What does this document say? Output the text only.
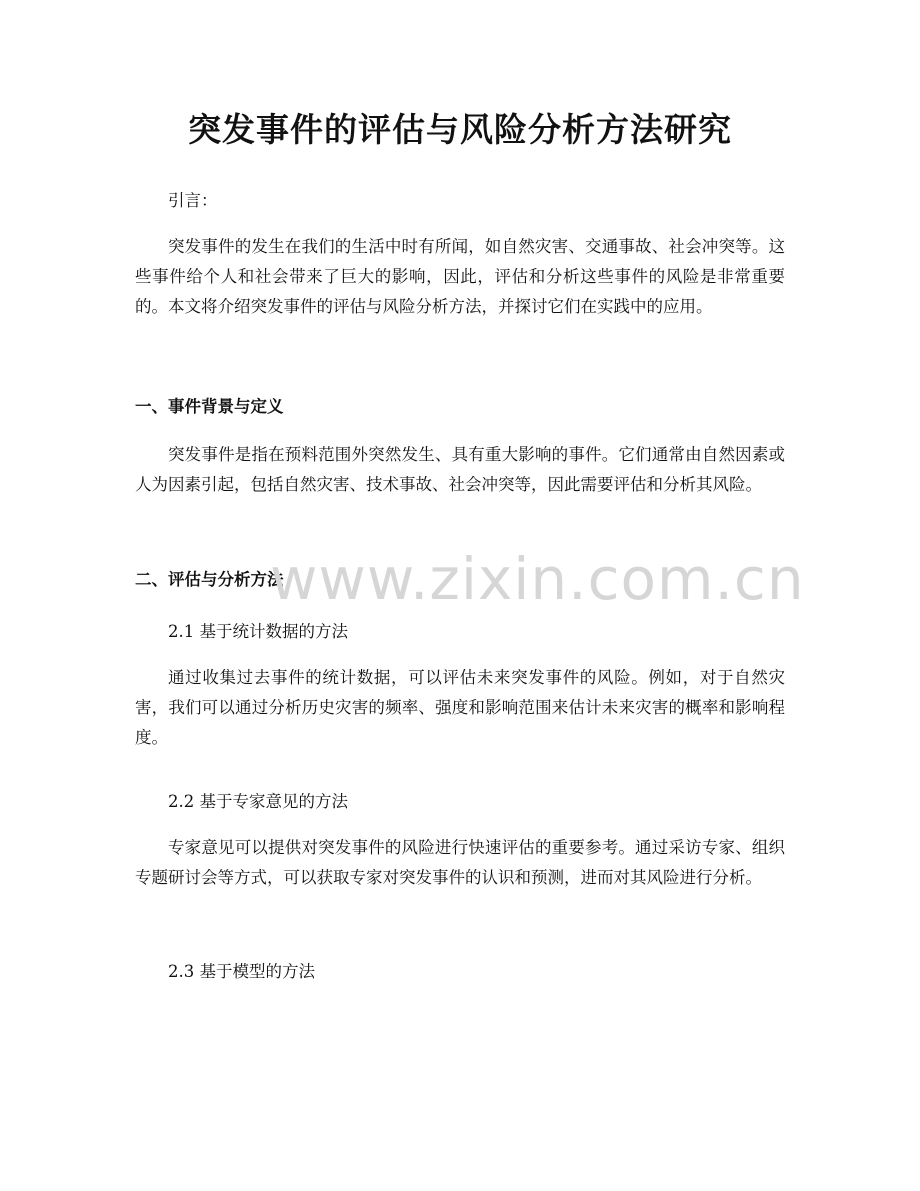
突发事件的评估与风险分析方法研究

引言：

突发事件的发生在我们的生活中时有所闻，如自然灾害、交通事故、社会冲突等。这些事件给个人和社会带来了巨大的影响，因此，评估和分析这些事件的风险是非常重要的。本文将介绍突发事件的评估与风险分析方法，并探讨它们在实践中的应用。

一、事件背景与定义

突发事件是指在预料范围外突然发生、具有重大影响的事件。它们通常由自然因素或人为因素引起，包括自然灾害、技术事故、社会冲突等，因此需要评估和分析其风险。

二、评估与分析方法

2.1 基于统计数据的方法

通过收集过去事件的统计数据，可以评估未来突发事件的风险。例如，对于自然灾害，我们可以通过分析历史灾害的频率、强度和影响范围来估计未来灾害的概率和影响程度。

2.2 基于专家意见的方法

专家意见可以提供对突发事件的风险进行快速评估的重要参考。通过采访专家、组织专题研讨会等方式，可以获取专家对突发事件的认识和预测，进而对其风险进行分析。

2.3 基于模型的方法

www.zixin.com.cn
